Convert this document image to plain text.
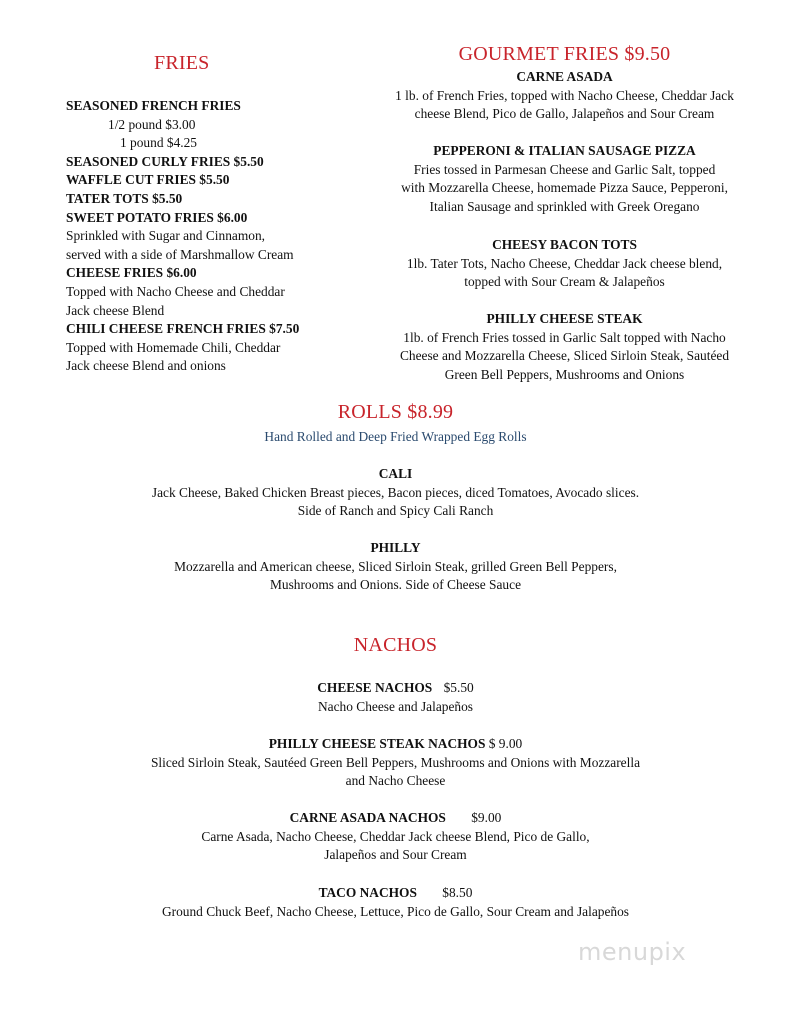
FRIES
SEASONED FRENCH FRIES
1/2 pound $3.00
1 pound $4.25
SEASONED CURLY FRIES $5.50
WAFFLE CUT FRIES $5.50
TATER TOTS $5.50
SWEET POTATO FRIES $6.00
Sprinkled with Sugar and Cinnamon,
served with a side of Marshmallow Cream
CHEESE FRIES $6.00
Topped with Nacho Cheese and Cheddar
Jack cheese Blend
CHILI CHEESE FRENCH FRIES $7.50
Topped with Homemade Chili, Cheddar
Jack cheese Blend and onions
GOURMET FRIES $9.50
CARNE ASADA
1 lb. of French Fries, topped with Nacho Cheese, Cheddar Jack
cheese Blend, Pico de Gallo, Jalapeños and Sour Cream
PEPPERONI & ITALIAN SAUSAGE PIZZA
Fries tossed in Parmesan Cheese and Garlic Salt, topped
with Mozzarella Cheese, homemade Pizza Sauce, Pepperoni,
Italian Sausage and sprinkled with Greek Oregano
CHEESY BACON TOTS
1lb. Tater Tots, Nacho Cheese, Cheddar Jack cheese blend,
topped with Sour Cream & Jalapeños
PHILLY CHEESE STEAK
1lb. of French Fries tossed in Garlic Salt topped with Nacho
Cheese and Mozzarella Cheese, Sliced Sirloin Steak, Sautéed
Green Bell Peppers, Mushrooms and Onions
ROLLS $8.99
Hand Rolled and Deep Fried Wrapped Egg Rolls
CALI
Jack Cheese, Baked Chicken Breast pieces, Bacon pieces, diced Tomatoes, Avocado slices.
Side of Ranch and Spicy Cali Ranch
PHILLY
Mozzarella and American cheese, Sliced Sirloin Steak, grilled Green Bell Peppers,
Mushrooms and Onions. Side of Cheese Sauce
NACHOS
CHEESE NACHOS $5.50
Nacho Cheese and Jalapeños
PHILLY CHEESE STEAK NACHOS $ 9.00
Sliced Sirloin Steak, Sautéed Green Bell Peppers, Mushrooms and Onions with Mozzarella
and Nacho Cheese
CARNE ASADA NACHOS $9.00
Carne Asada, Nacho Cheese, Cheddar Jack cheese Blend, Pico de Gallo,
Jalapeños and Sour Cream
TACO NACHOS $8.50
Ground Chuck Beef, Nacho Cheese, Lettuce, Pico de Gallo, Sour Cream and Jalapeños
menupix
